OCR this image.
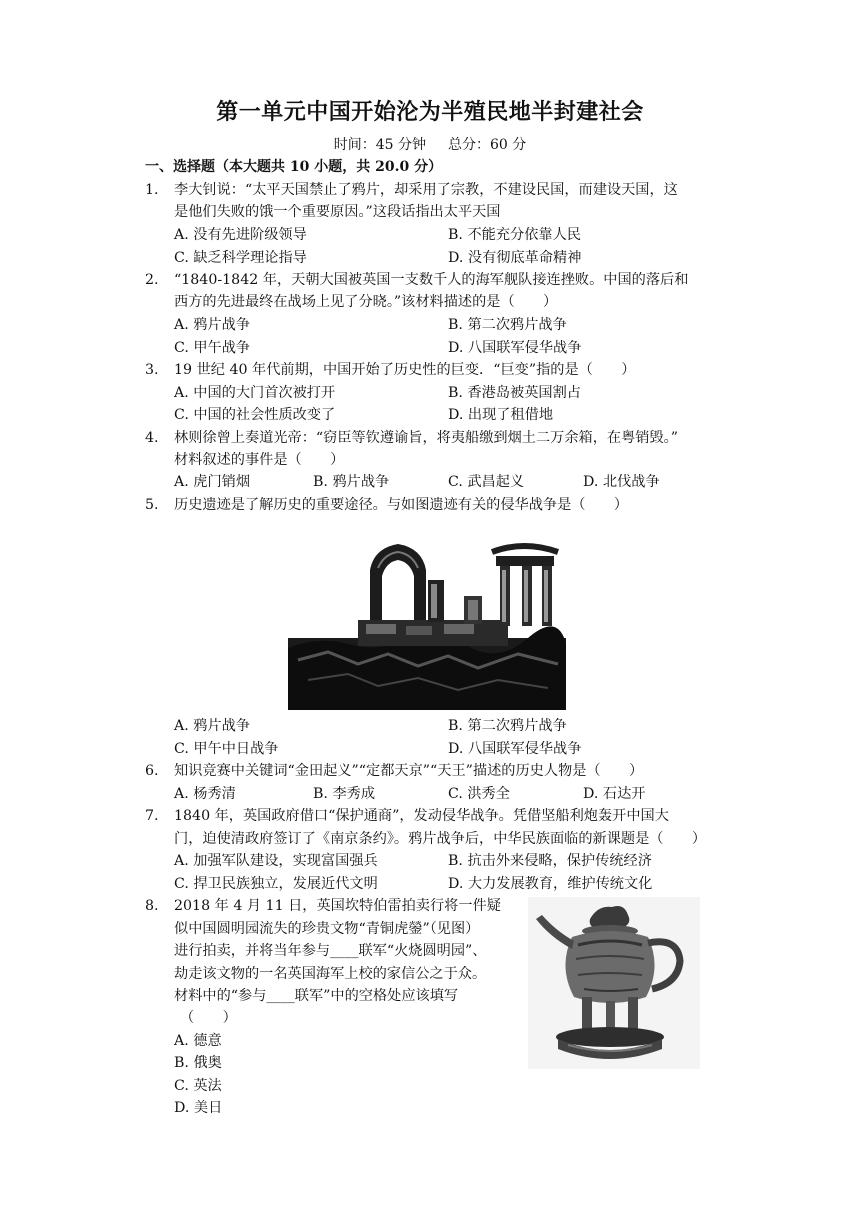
第一单元中国开始沦为半殖民地半封建社会
时间：45 分钟 总分：60 分
一、选择题（本大题共 10 小题，共 20.0 分）
1. 李大钊说：“太平天国禁止了鸦片，却采用了宗教，不建设民国，而建设天国，这
是他们失败的饿一个重要原因。”这段话指出太平天国
A. 没有先进阶级领导	B. 不能充分依靠人民
C. 缺乏科学理论指导	D. 没有彻底革命精神
2. “1840-1842 年，天朝大国被英国一支数千人的海军舰队接连挫败。中国的落后和
西方的先进最终在战场上见了分晓。”该材料描述的是（　　）
A. 鸦片战争	B. 第二次鸦片战争
C. 甲午战争	D. 八国联军侵华战争
3. 19 世纪 40 年代前期，中国开始了历史性的巨变．“巨变”指的是（　　）
A. 中国的大门首次被打开	B. 香港岛被英国割占
C. 中国的社会性质改变了	D. 出现了租借地
4. 林则徐曾上奏道光帝：“窃臣等钦遵谕旨，将夷船缴到烟土二万余箱，在粤销毁。”
材料叙述的事件是（　　）
A. 虎门销烟	B. 鸦片战争	C. 武昌起义	D. 北伐战争
5. 历史遗迹是了解历史的重要途径。与如图遗迹有关的侵华战争是（　　）
A. 鸦片战争	B. 第二次鸦片战争
C. 甲午中日战争	D. 八国联军侵华战争
6. 知识竞赛中关键词“金田起义”“定都天京”“天王”描述的历史人物是（　　）
A. 杨秀清	B. 李秀成	C. 洪秀全	D. 石达开
7. 1840 年，英国政府借口“保护通商”，发动侵华战争。凭借坚船利炮轰开中国大
门，迫使清政府签订了《南京条约》。鸦片战争后，中华民族面临的新课题是（　　）
A. 加强军队建设，实现富国强兵	B. 抗击外来侵略，保护传统经济
C. 捍卫民族独立，发展近代文明	D. 大力发展教育，维护传统文化
8. 2018 年 4 月 11 日，英国坎特伯雷拍卖行将一件疑
似中国圆明园流失的珍贵文物“青铜虎鎣”（见图）
进行拍卖，并将当年参与____联军“火烧圆明园”、
劫走该文物的一名英国海军上校的家信公之于众。
材料中的“参与____联军”中的空格处应该填写
（　　）
A. 德意
B. 俄奥
C. 英法
D. 美日
